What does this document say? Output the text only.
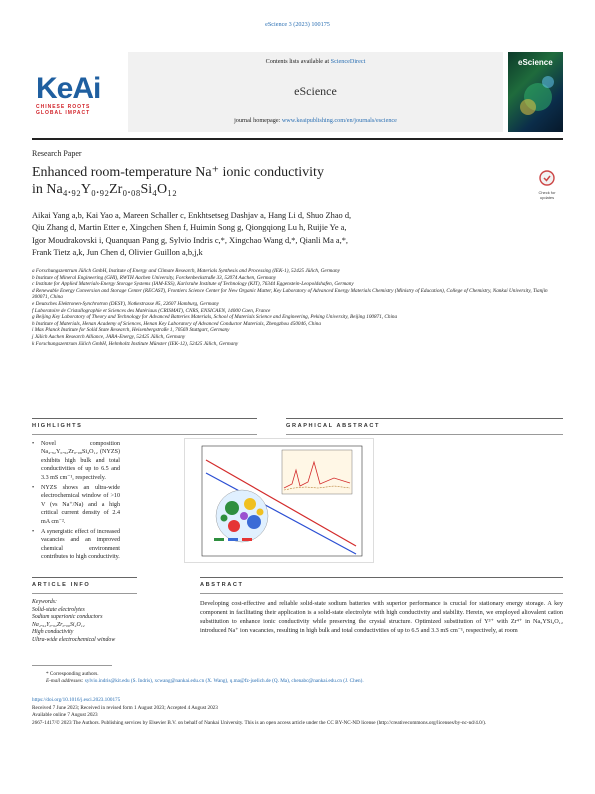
eScience 3 (2023) 100175
KeAi
CHINESE ROOTS
GLOBAL IMPACT
Contents lists available at ScienceDirect
eScience
journal homepage: www.keaipublishing.com/en/journals/escience
eScience
Research Paper
Enhanced room-temperature Na⁺ ionic conductivity
in Na₄.₉₂Y₀.₉₂Zr₀.₀₈Si₄O₁₂	Check for
updates
Aikai Yang a,b, Kai Yao a, Mareen Schaller c, Enkhtsetseg Dashjav a, Hang Li d, Shuo Zhao d,
Qiu Zhang d, Martin Etter e, Xingchen Shen f, Huimin Song g, Qiongqiong Lu h, Ruijie Ye a,
Igor Moudrakovski i, Quanquan Pang g, Sylvio Indris c,*, Xingchao Wang d,*, Qianli Ma a,*,
Frank Tietz a,k, Jun Chen d, Olivier Guillon a,b,j,k
a Forschungszentrum Jülich GmbH, Institute of Energy and Climate Research, Materials Synthesis and Processing (IEK-1), 52425 Jülich, Germany
b Institute of Mineral Engineering (GHI), RWTH Aachen University, Forckenbeckstraße 33, 52074 Aachen, Germany
c Institute for Applied Materials-Energy Storage Systems (IAM-ESS), Karlsruhe Institute of Technology (KIT), 76344 Eggenstein-Leopoldshafen, Germany
d Renewable Energy Conversion and Storage Center (RECAST), Frontiers Science Center for New Organic Matter, Key Laboratory of Advanced Energy Materials Chemistry (Ministry of Education), College of Chemistry, Nankai University, Tianjin 300071, China
e Deutsches Elektronen-Synchrotron (DESY), Notkestrasse 85, 22607 Hamburg, Germany
f Laboratoire de Cristallographie et Sciences des Matériaux (CRISMAT), CNRS, ENSICAEN, 14000 Caen, France
g Beijing Key Laboratory of Theory and Technology for Advanced Batteries Materials, School of Materials Science and Engineering, Peking University, Beijing 100871, China
h Institute of Materials, Henan Academy of Sciences, Henan Key Laboratory of Advanced Conductor Materials, Zhengzhou 450046, China
i Max Planck Institute for Solid State Research, Heisenbergstraße 1, 70569 Stuttgart, Germany
j Jülich Aachen Research Alliance, JARA-Energy, 52425 Jülich, Germany
k Forschungszentrum Jülich GmbH, Helmholtz Institute Münster (IEK-12), 52425 Jülich, Germany
HIGHLIGHTS	GRAPHICAL ABSTRACT
•	Novel composition Na₄.₉₂Y₀.₉₂Zr₀.₀₈Si₄O₁₂ (NYZS) exhibits high bulk and total conductivities of up to 6.5 and 3.3 mS cm⁻¹, respectively.
•	NYZS shows an ultra-wide electrochemical window of >10 V (vs Na⁺/Na) and a high critical current density of 2.4 mA cm⁻².
•	A synergistic effect of increased vacancies and an improved chemical environment contributes to high conductivity.
ARTICLE INFO	ABSTRACT
Keywords:
Solid-state electrolytes
Sodium superionic conductors
Na₄.₉₂Y₀.₉₂Zr₀.₀₈Si₄O₁₂
High conductivity
Ultra-wide electrochemical window
Developing cost-effective and reliable solid-state sodium batteries with superior performance is crucial for stationary energy storage. A key component in facilitating their application is a solid-state electrolyte with high conductivity and stability. Herein, we employed aliovalent cation substitution to enhance ionic conductivity while preserving the crystal structure. Optimized substitution of Y³⁺ with Zr⁴⁺ in Na₅YSi₄O₁₂ introduced Na⁺ ion vacancies, resulting in high bulk and total conductivities of up to 6.5 and 3.3 mS cm⁻¹, respectively, at room
* Corresponding authors.
E-mail addresses: sylvio.indris@kit.edu (S. Indris), xcwang@nankai.edu.cn (X. Wang), q.ma@fz-juelich.de (Q. Ma), chenabc@nankai.edu.cn (J. Chen).
https://doi.org/10.1016/j.esci.2023.100175
Received 7 June 2023; Received in revised form 1 August 2023; Accepted 4 August 2023
Available online 7 August 2023
2667-1417/© 2023 The Authors. Publishing services by Elsevier B.V. on behalf of Nankai University. This is an open access article under the CC BY-NC-ND license (http://creativecommons.org/licenses/by-nc-nd/4.0/).
